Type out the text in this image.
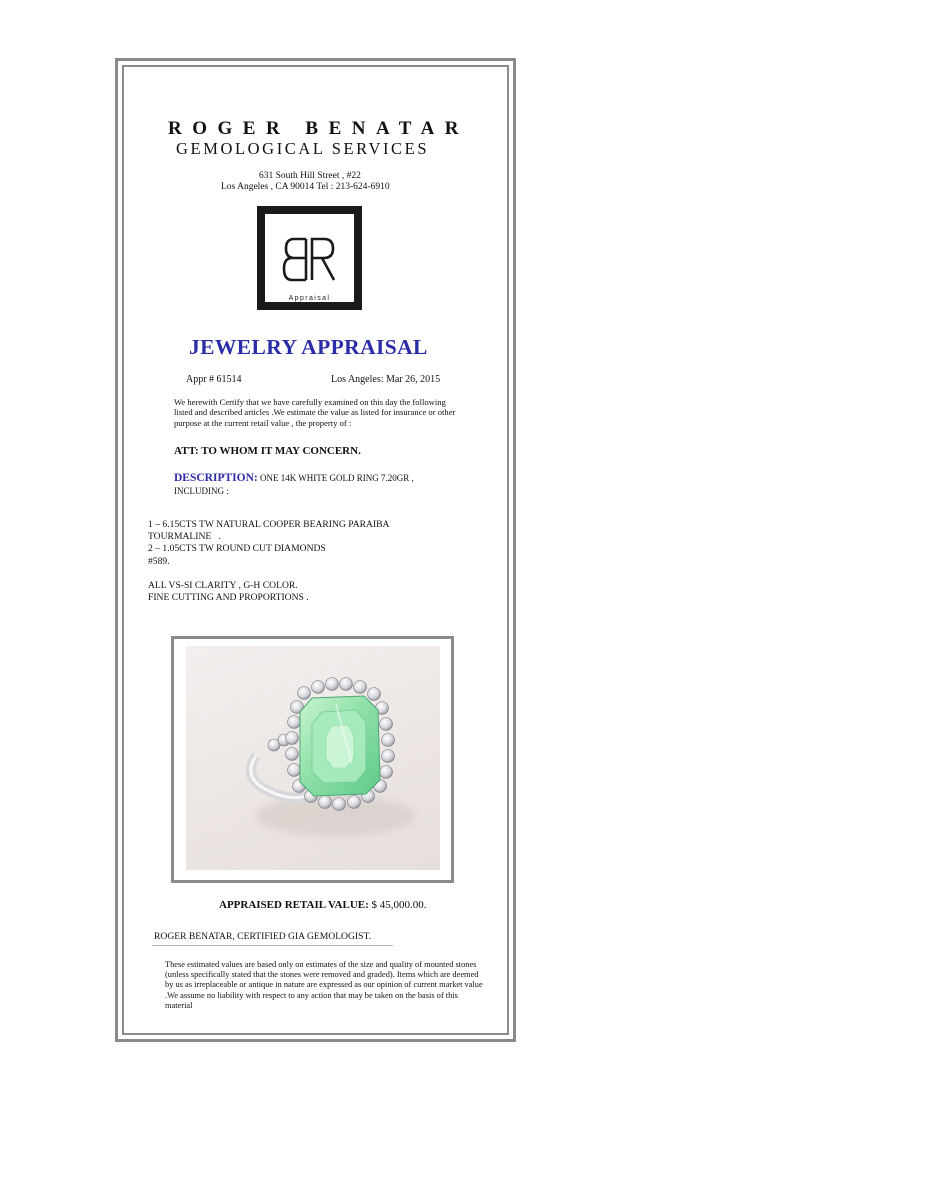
ROGER BENATAR
GEMOLOGICAL SERVICES
631 South Hill Street , #22
Los Angeles , CA 90014 Tel : 213-624-6910
Appraisal
JEWELRY APPRAISAL
Appr # 61514	Los Angeles: Mar 26, 2015
We herewith Certify that we have carefully examined on this day the following listed and described articles .We estimate the value as listed for insurance or other purpose at the current retail value , the property of :
ATT: TO WHOM IT MAY CONCERN.
DESCRIPTION: ONE 14K WHITE GOLD RING 7.20GR ,
INCLUDING :
1 – 6.15CTS TW NATURAL COOPER BEARING PARAIBA
TOURMALINE   .
2 – 1.05CTS TW ROUND CUT DIAMONDS
#589.

ALL VS-SI CLARITY , G-H COLOR.
FINE CUTTING AND PROPORTIONS .
APPRAISED RETAIL VALUE: $ 45,000.00.
ROGER BENATAR, CERTIFIED GIA GEMOLOGIST.
These estimated values are based only on estimates of the size and quality of mounted stones (unless specifically stated that the stones were removed and graded). Items which are deemed by us as irreplaceable or antique in nature are expressed as our opinion of current market value .We assume no liability with respect to any action that may be taken on the basis of this material
